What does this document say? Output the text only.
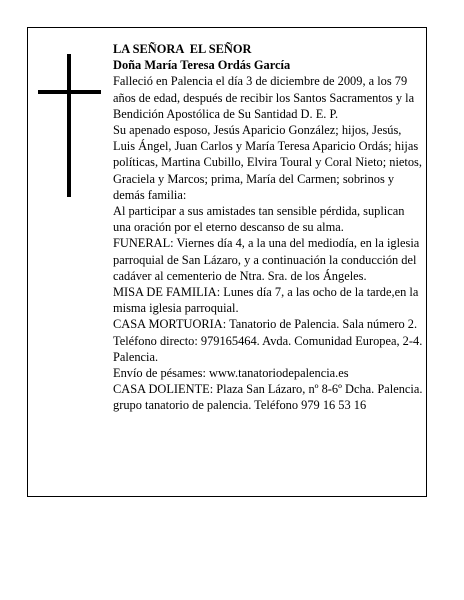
LA SEÑORA  EL SEÑOR

Doña María Teresa Ordás García

Falleció en Palencia el día 3 de diciembre de 2009, a los 79 años de edad, después de recibir los Santos Sacramentos y la Bendición Apostólica de Su Santidad D. E. P.

Su apenado esposo, Jesús Aparicio González; hijos, Jesús, Luis Ángel, Juan Carlos y María Teresa Aparicio Ordás; hijas políticas, Martina Cubillo, Elvira Toural y Coral Nieto; nietos, Graciela y Marcos; prima, María del Carmen; sobrinos y demás familia:

Al participar a sus amistades tan sensible pérdida, suplican una oración por el eterno descanso de su alma.

FUNERAL: Viernes día 4, a la una del mediodía, en la iglesia parroquial de San Lázaro, y a continuación la conducción del cadáver al cementerio de Ntra. Sra. de los Ángeles.

MISA DE FAMILIA: Lunes día 7, a las ocho de la tarde,en la misma iglesia parroquial.

CASA MORTUORIA: Tanatorio de Palencia. Sala número 2. Teléfono directo: 979165464. Avda. Comunidad Europea, 2-4. Palencia.

Envío de pésames: www.tanatoriodepalencia.es

CASA DOLIENTE: Plaza San Lázaro, nº 8-6º Dcha. Palencia.

grupo tanatorio de palencia. Teléfono 979 16 53 16
